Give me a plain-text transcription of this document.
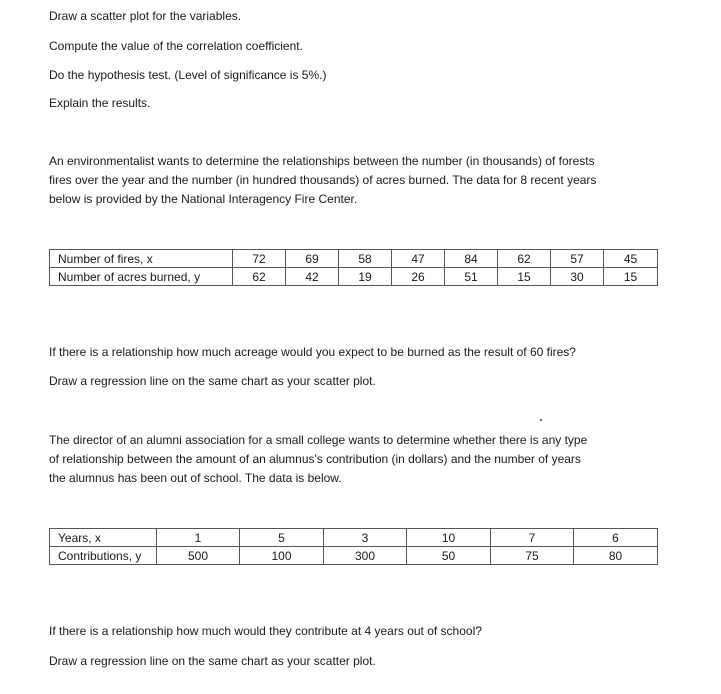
Draw a scatter plot for the variables.
Compute the value of the correlation coefficient.
Do the hypothesis test. (Level of significance is 5%.)
Explain the results.
An environmentalist wants to determine the relationships between the number (in thousands) of forests
fires over the year and the number (in hundred thousands) of acres burned. The data for 8 recent years
below is provided by the National Interagency Fire Center.
Number of fires, x	72	69	58	47	84	62	57	45
Number of acres burned, y	62	42	19	26	51	15	30	15
If there is a relationship how much acreage would you expect to be burned as the result of 60 fires?
Draw a regression line on the same chart as your scatter plot.
The director of an alumni association for a small college wants to determine whether there is any type
of relationship between the amount of an alumnus's contribution (in dollars) and the number of years
the alumnus has been out of school. The data is below.
Years, x	1	5	3	10	7	6
Contributions, y	500	100	300	50	75	80
If there is a relationship how much would they contribute at 4 years out of school?
Draw a regression line on the same chart as your scatter plot.
